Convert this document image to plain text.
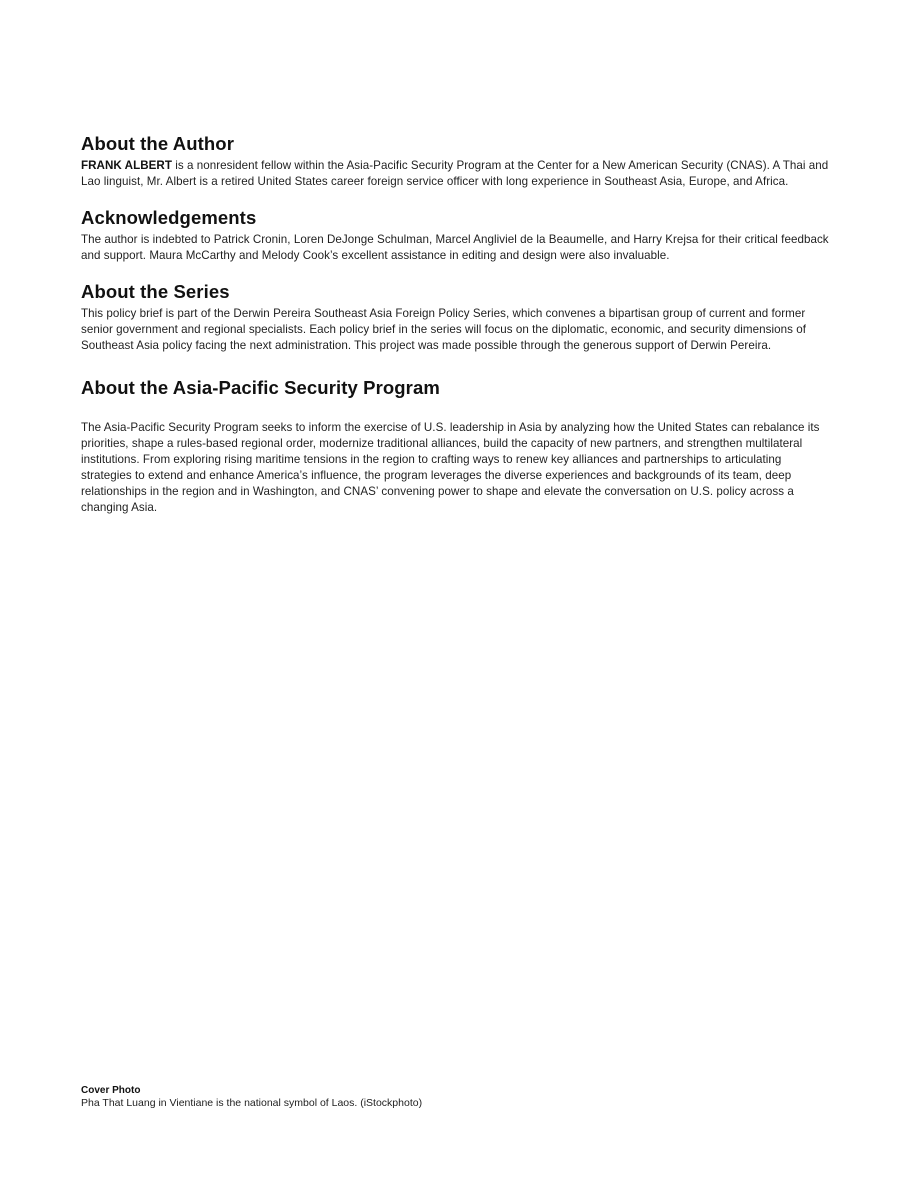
About the Author

FRANK ALBERT is a nonresident fellow within the Asia-Pacific Security Program at the Center for a New American Security (CNAS). A Thai and Lao linguist, Mr. Albert is a retired United States career foreign service officer with long experience in Southeast Asia, Europe, and Africa.

Acknowledgements

The author is indebted to Patrick Cronin, Loren DeJonge Schulman, Marcel Angliviel de la Beaumelle, and Harry Krejsa for their critical feedback and support. Maura McCarthy and Melody Cook’s excellent assistance in editing and design were also invaluable.

About the Series

This policy brief is part of the Derwin Pereira Southeast Asia Foreign Policy Series, which convenes a bipartisan group of current and former senior government and regional specialists. Each policy brief in the series will focus on the diplomatic, economic, and security dimensions of Southeast Asia policy facing the next administration. This project was made possible through the generous support of Derwin Pereira.

About the Asia-Pacific Security Program

The Asia-Pacific Security Program seeks to inform the exercise of U.S. leadership in Asia by analyzing how the United States can rebalance its priorities, shape a rules-based regional order, modernize traditional alliances, build the capacity of new partners, and strengthen multilateral institutions. From exploring rising maritime tensions in the region to crafting ways to renew key alliances and partnerships to articulating strategies to extend and enhance America’s influence, the program leverages the diverse experiences and backgrounds of its team, deep relationships in the region and in Washington, and CNAS’ convening power to shape and elevate the conversation on U.S. policy across a changing Asia.

Cover Photo
Pha That Luang in Vientiane is the national symbol of Laos. (iStockphoto)
